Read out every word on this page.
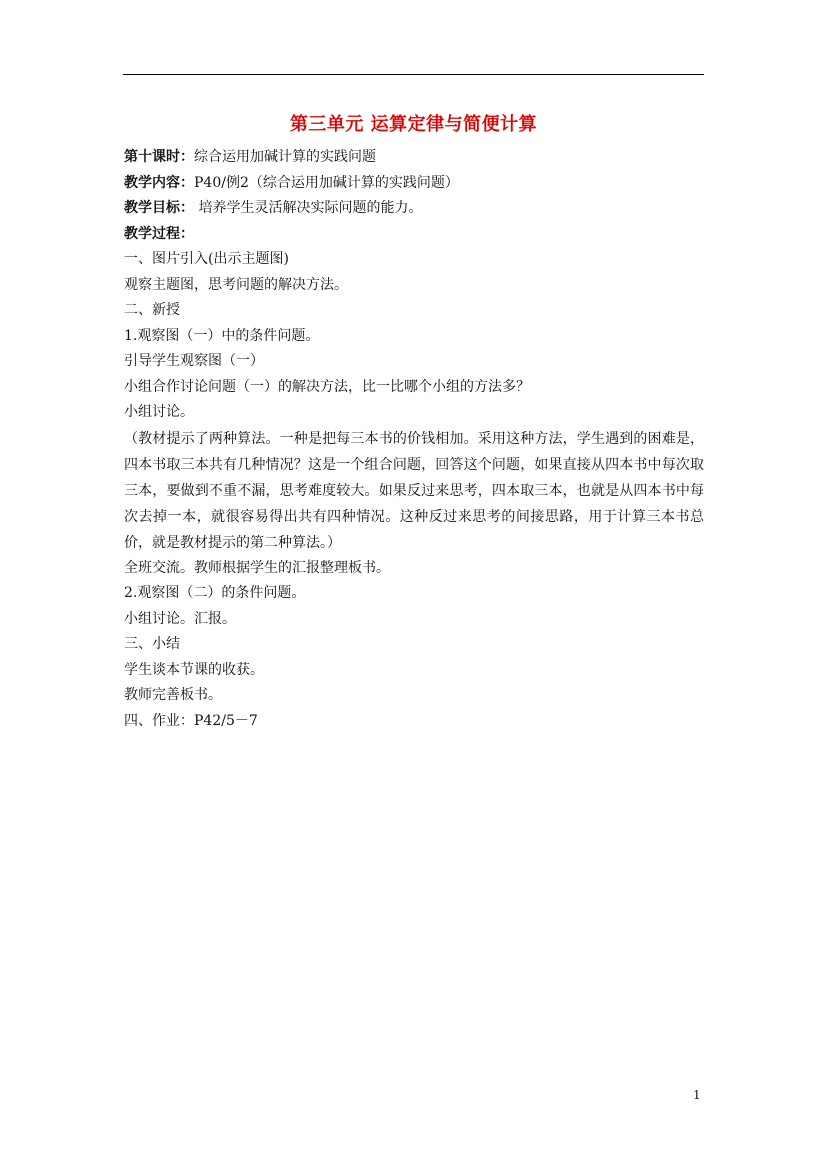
第三单元 运算定律与简便计算
第十课时：综合运用加碱计算的实践问题
教学内容：P40/例2（综合运用加碱计算的实践问题）
教学目标： 培养学生灵活解决实际问题的能力。
教学过程：
一、图片引入(出示主题图)
观察主题图，思考问题的解决方法。
二、新授
1.观察图（一）中的条件问题。
引导学生观察图（一）
小组合作讨论问题（一）的解决方法，比一比哪个小组的方法多？
小组讨论。
（教材提示了两种算法。一种是把每三本书的价钱相加。采用这种方法，学生遇到的困难是，四本书取三本共有几种情况？这是一个组合问题，回答这个问题，如果直接从四本书中每次取三本，要做到不重不漏，思考难度较大。如果反过来思考，四本取三本，也就是从四本书中每次去掉一本，就很容易得出共有四种情况。这种反过来思考的间接思路，用于计算三本书总价，就是教材提示的第二种算法。）
全班交流。教师根据学生的汇报整理板书。
2.观察图（二）的条件问题。
小组讨论。汇报。
三、小结
学生谈本节课的收获。
教师完善板书。
四、作业：P42/5－7
1
